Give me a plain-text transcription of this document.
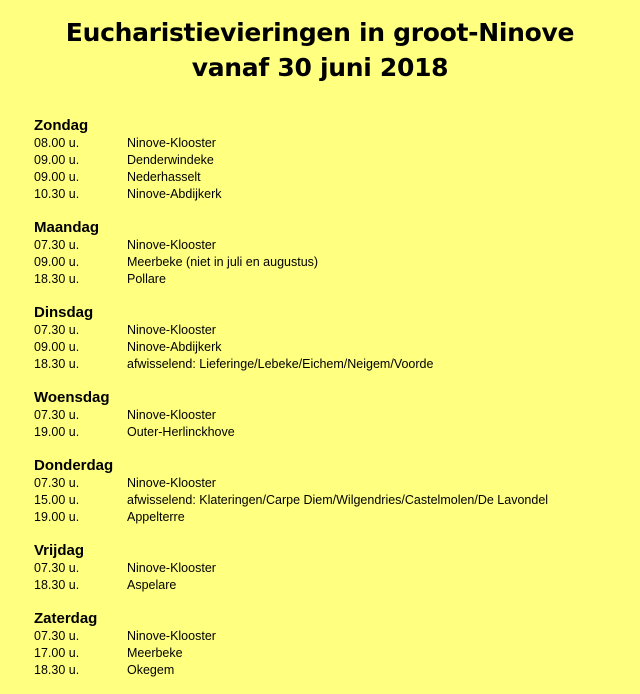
Eucharistievieringen in groot-Ninove
vanaf 30 juni 2018
Zondag
08.00 u.	Ninove-Klooster
09.00 u.	Denderwindeke
09.00 u.	Nederhasselt
10.30 u.	Ninove-Abdijkerk
Maandag
07.30 u.	Ninove-Klooster
09.00 u.	Meerbeke (niet in juli en augustus)
18.30 u.	Pollare
Dinsdag
07.30 u.	Ninove-Klooster
09.00 u.	Ninove-Abdijkerk
18.30 u.	afwisselend: Lieferinge/Lebeke/Eichem/Neigem/Voorde
Woensdag
07.30 u.	Ninove-Klooster
19.00 u.	Outer-Herlinckhove
Donderdag
07.30 u.	Ninove-Klooster
15.00 u.	afwisselend: Klateringen/Carpe Diem/Wilgendries/Castelmolen/De Lavondel
19.00 u.	Appelterre
Vrijdag
07.30 u.	Ninove-Klooster
18.30 u.	Aspelare
Zaterdag
07.30 u.	Ninove-Klooster
17.00 u.	Meerbeke
18.30 u.	Okegem
